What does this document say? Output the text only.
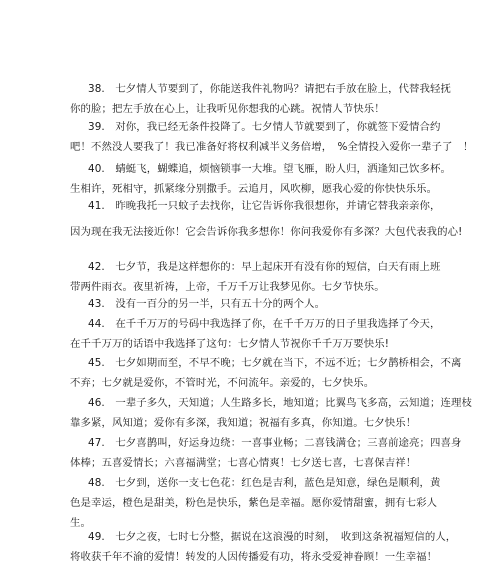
38.　七夕情人节要到了，你能送我件礼物吗？请把右手放在脸上，代替我轻抚
你的脸；把左手放在心上，让我听见你想我的心跳。祝情人节快乐！

39.　对你，我已经无条件投降了。七夕情人节就要到了，你就签下爱情合约
吧！不然没人要我了！我已准备好将权利减半义务倍增，　%全情投入爱你一辈子了　！

40.　蜻蜓飞，蝴蝶追，烦恼锁事一大堆。望飞雁，盼人归，洒逢知己饮多杯。
生相许，死相守，抓紧缘分别撒手。云追月，风吹柳，愿我心爱的你快快乐乐。

41.　昨晚我托一只蚊子去找你，让它告诉你我很想你，并请它替我亲亲你，
因为现在我无法接近你！它会告诉你我多想你！你问我爱你有多深？大包代表我的心!

42.　七夕节，我是这样想你的：早上起床开有没有你的短信，白天有雨上班
带两件雨衣。夜里祈祷，上帝，千万千万让我梦见你。七夕节快乐。

43.　没有一百分的另一半，只有五十分的两个人。

44.　在千千万万的号码中我选择了你，在千千万万的日子里我选择了今天，
在千千万万的话语中我选择了这句：七夕情人节祝你千千万万要快乐!

45.　七夕如期而至，不早不晚；七夕就在当下，不远不近；七夕鹊桥相会，不离
不弃；七夕就是爱你，不管时光，不问流年。亲爱的，七夕快乐。

46.　一辈子多久，天知道；人生路多长，地知道；比翼鸟飞多高，云知道；连理枝
靠多紧，风知道；爱你有多深，我知道；祝福有多真，你知道。七夕快乐！

47.　七夕喜鹊叫，好运身边绕：一喜事业畅；二喜钱满仓；三喜前途亮；四喜身
体棒；五喜爱情长；六喜福满堂；七喜心情爽！七夕送七喜，七喜保吉祥！

48.　七夕到，送你一支七色花：红色是吉利，蓝色是知意，绿色是顺利，黄
色是幸运，橙色是甜美，粉色是快乐，紫色是幸福。愿你爱情甜蜜，拥有七彩人
生。

49.　七夕之夜，七时七分整，据说在这浪漫的时刻，　收到这条祝福短信的人，
将收获千年不渝的爱情！转发的人因传播爱有功，将永受爱神眷顾！一生幸福！
